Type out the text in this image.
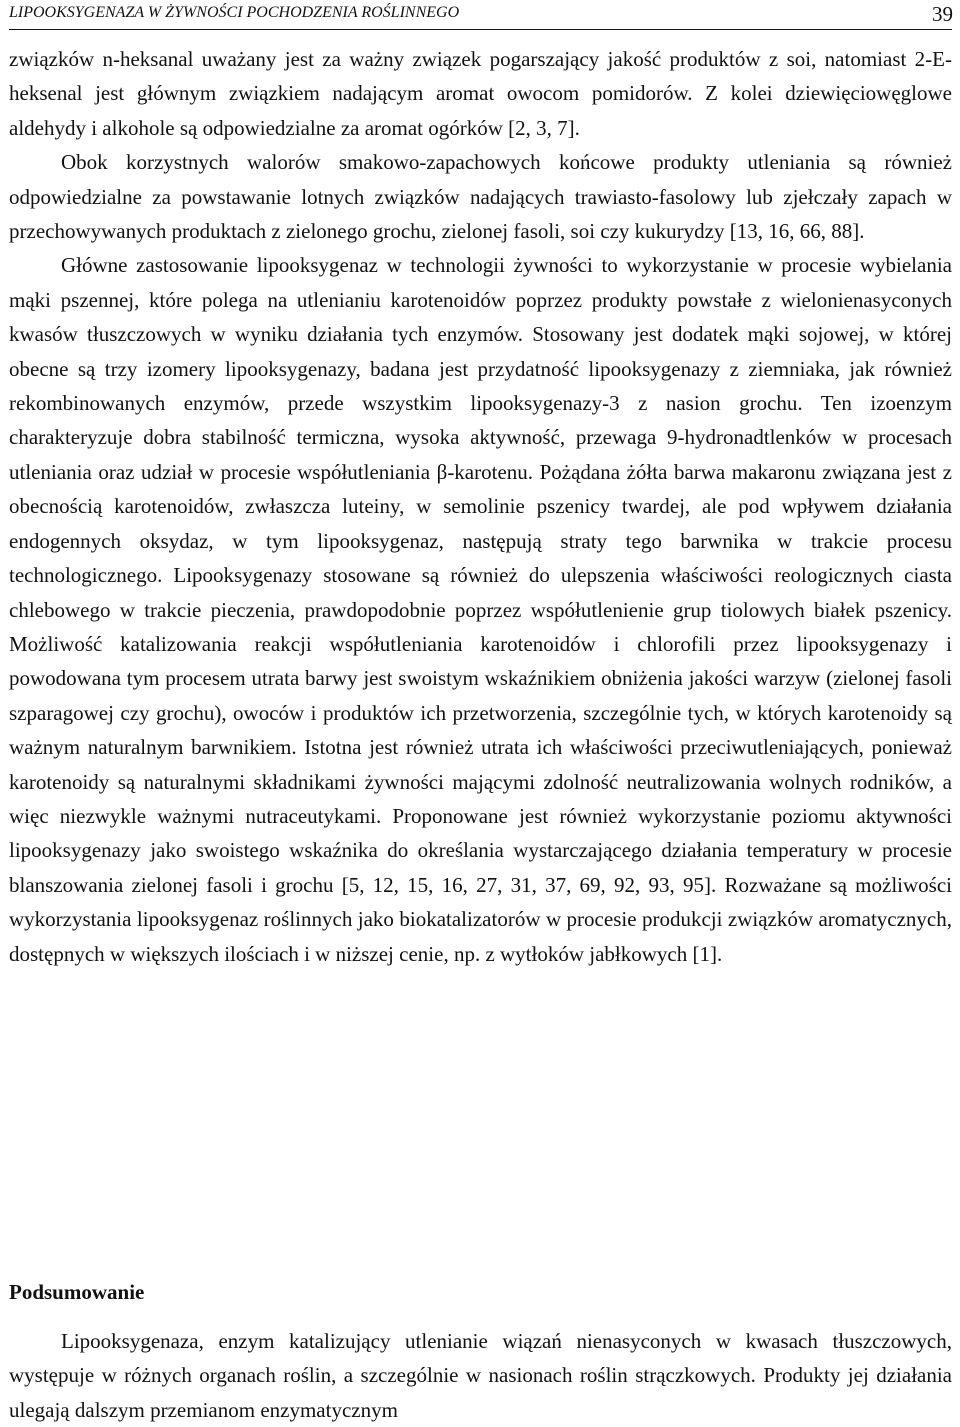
LIPOOKSYGENAZA W ŻYWNOŚCI POCHODZENIA ROŚLINNEGO	39

związków n-heksanal uważany jest za ważny związek pogarszający jakość produktów z soi, natomiast 2-E-heksenal jest głównym związkiem nadającym aromat owocom pomidorów. Z kolei dziewięciowęglowe aldehydy i alkohole są odpowiedzialne za aromat ogórków [2, 3, 7].

Obok korzystnych walorów smakowo-zapachowych końcowe produkty utleniania są również odpowiedzialne za powstawanie lotnych związków nadających trawiasto-fasolowy lub zjełczały zapach w przechowywanych produktach z zielonego grochu, zielonej fasoli, soi czy kukurydzy [13, 16, 66, 88].

Główne zastosowanie lipooksygenaz w technologii żywności to wykorzystanie w procesie wybielania mąki pszennej, które polega na utlenianiu karotenoidów poprzez produkty powstałe z wielonienasyconych kwasów tłuszczowych w wyniku działania tych enzymów. Stosowany jest dodatek mąki sojowej, w której obecne są trzy izomery lipooksygenazy, badana jest przydatność lipooksygenazy z ziemniaka, jak również rekombinowanych enzymów, przede wszystkim lipooksygenazy-3 z nasion grochu. Ten izoenzym charakteryzuje dobra stabilność termiczna, wysoka aktywność, przewaga 9-hydronadtlenków w procesach utleniania oraz udział w procesie współutleniania β-karotenu. Pożądana żółta barwa makaronu związana jest z obecnością karotenoidów, zwłaszcza luteiny, w semolinie pszenicy twardej, ale pod wpływem działania endogennych oksydaz, w tym lipooksygenaz, następują straty tego barwnika w trakcie procesu technologicznego. Lipooksygenazy stosowane są również do ulepszenia właściwości reologicznych ciasta chlebowego w trakcie pieczenia, prawdopodobnie poprzez współutlenienie grup tiolowych białek pszenicy. Możliwość katalizowania reakcji współutleniania karotenoidów i chlorofili przez lipooksygenazy i powodowana tym procesem utrata barwy jest swoistym wskaźnikiem obniżenia jakości warzyw (zielonej fasoli szparagowej czy grochu), owoców i produktów ich przetworzenia, szczególnie tych, w których karotenoidy są ważnym naturalnym barwnikiem. Istotna jest również utrata ich właściwości przeciwutleniających, ponieważ karotenoidy są naturalnymi składnikami żywności mającymi zdolność neutralizowania wolnych rodników, a więc niezwykle ważnymi nutraceutykami. Proponowane jest również wykorzystanie poziomu aktywności lipooksygenazy jako swoistego wskaźnika do określania wystarczającego działania temperatury w procesie blanszowania zielonej fasoli i grochu [5, 12, 15, 16, 27, 31, 37, 69, 92, 93, 95]. Rozważane są możliwości wykorzystania lipooksygenaz roślinnych jako biokatalizatorów w procesie produkcji związków aromatycznych, dostępnych w większych ilościach i w niższej cenie, np. z wytłoków jabłkowych [1].

Podsumowanie

Lipooksygenaza, enzym katalizujący utlenianie wiązań nienasyconych w kwasach tłuszczowych, występuje w różnych organach roślin, a szczególnie w nasionach roślin strączkowych. Produkty jej działania ulegają dalszym przemianom enzymatycznym
